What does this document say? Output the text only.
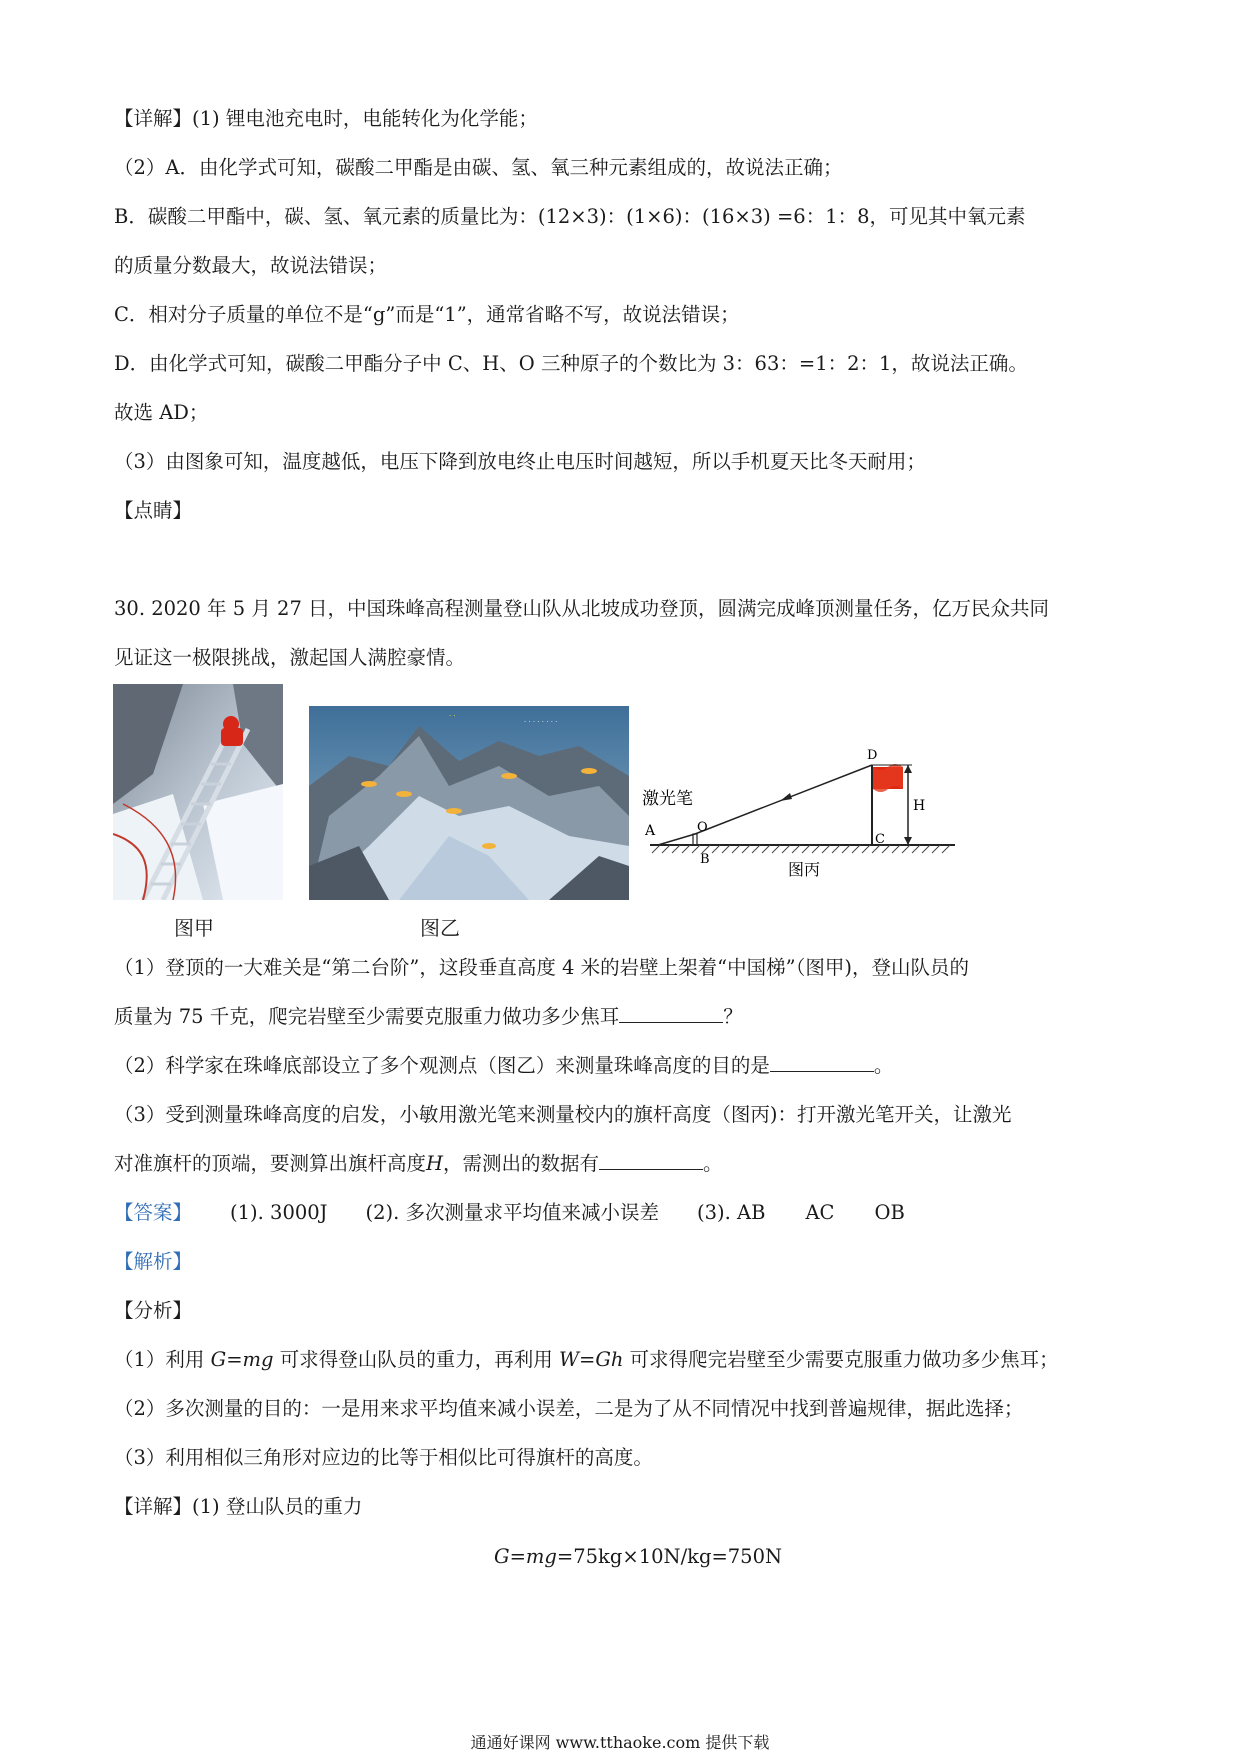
【详解】(1) 锂电池充电时，电能转化为化学能；
（2）A．由化学式可知，碳酸二甲酯是由碳、氢、氧三种元素组成的，故说法正确；
B．碳酸二甲酯中，碳、氢、氧元素的质量比为：(12×3)：(1×6)：(16×3) =6：1：8，可见其中氧元素
的质量分数最大，故说法错误；
C．相对分子质量的单位不是“g”而是“1”，通常省略不写，故说法错误；
D．由化学式可知，碳酸二甲酯分子中 C、H、O 三种原子的个数比为 3：63：=1：2：1，故说法正确。
故选 AD；
（3）由图象可知，温度越低，电压下降到放电终止电压时间越短，所以手机夏天比冬天耐用；
【点睛】
30. 2020 年 5 月 27 日，中国珠峰高程测量登山队从北坡成功登顶，圆满完成峰顶测量任务，亿万民众共同
见证这一极限挑战，激起国人满腔豪情。
图甲
· · · · · · · ·
· ·
图乙
A	O
B
C
D
H
激光笔
图丙
（1）登顶的一大难关是“第二台阶”，这段垂直高度 4 米的岩壁上架着“中国梯”（图甲)，登山队员的
质量为 75 千克，爬完岩壁至少需要克服重力做功多少焦耳	？
（2）科学家在珠峰底部设立了多个观测点（图乙）来测量珠峰高度的目的是	。
（3）受到测量珠峰高度的启发，小敏用激光笔来测量校内的旗杆高度（图丙)：打开激光笔开关，让激光
对准旗杆的顶端，要测算出旗杆高度H，需测出的数据有	。
【答案】 (1). 3000J (2). 多次测量求平均值来减小误差 (3). AB AC OB
【解析】
【分析】
（1）利用 G=mg 可求得登山队员的重力，再利用 W=Gh 可求得爬完岩壁至少需要克服重力做功多少焦耳；
（2）多次测量的目的：一是用来求平均值来减小误差，二是为了从不同情况中找到普遍规律，据此选择；
（3）利用相似三角形对应边的比等于相似比可得旗杆的高度。
【详解】(1) 登山队员的重力
G=mg=75kg×10N/kg=750N
通通好课网 www.tthaoke.com 提供下载
